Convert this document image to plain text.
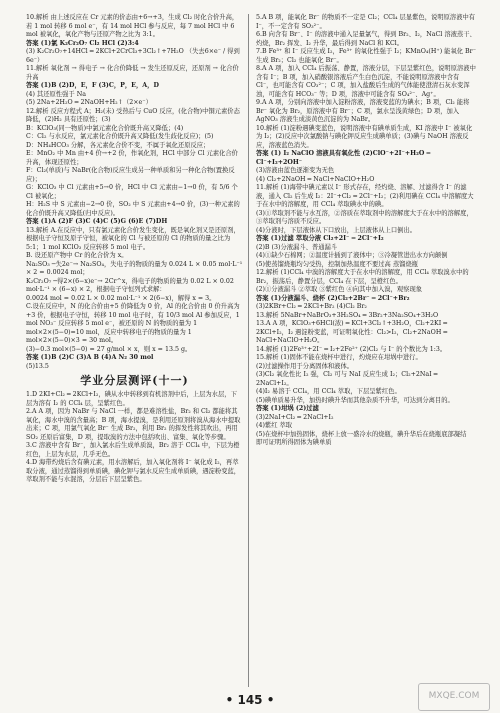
10.解析 由上述反应在 Cr 元素的价态由+6→+3，生成 Cl₂ 时化合价升高，若 1 mol 转移 6 mol e⁻，有 14 mol HCl 参与反应，每 7 mol HCl 中 6 mol 被氧化，氧化产物与还原产物之比为 3:1。
答案 (1)氯 K₂Cr₂O₇ Cl₂ HCl (2)3:4
(3) K₂Cr₂O₇+14HCl ═ 2KCl+2CrCl₃+3Cl₂↑+7H₂O （失去6×e⁻ / 得到6e⁻）
11.解析 氧化剂 → 得电子 → 化合价降低 → 发生还原反应，还原剂 → 化合价升高
答案 (1)B (2)D，E，F (3)C，P，E，A，D
(4) 其还原性强于 Na
(5) 2Na+2H₂O ═ 2NaOH+H₂↑（2×e⁻）
12.解析 反应方程式 A；H₂(未) 受热后与 CuO 反应，(化合物)中铜元素价态降低，(2)H₂ 具有还原性；(3)
B：KClO₃(同一物质)中氯元素化合价既升高又降低；(4)
C：Cl₂ 与水反应，氯元素化合价既升高又降低(发生歧化反应)；(5)
D：NH₄HCO₃ 分解，各元素化合价不变，不属于氧化还原反应；
E：MnO₂ 中 Mn 由+4 价→+2 价，作氧化剂，HCl 中部分 Cl 元素化合价升高，体现还原性；
F：Cl₂(单质)与 NaBr(化合物)反应生成另一种单质和另一种化合物(置换反应)；
G：KClO₃ 中 Cl 元素由+5→0 价，HCl 中 Cl 元素由−1→0 价，有 5/6 个 Cl 被氧化；
H：H₂S 中 S 元素由−2→0 价，SO₂ 中 S 元素由+4→0 价，(3)一种元素的化合价既升高又降低(归中反应)。
答案 (1)A (2)F (3)C (4)C (5)G (6)E (7)DH
13.解析 A.在反应中，只有氯元素化合价发生变化，既是氧化剂又是还原剂，根据电子守恒及原子守恒，被氧化的 Cl 与被还原的 Cl 的物质的量之比为 5:1；1 mol KClO₃ 反应转移 5 mol 电子。
B. 设还原产物中 Cr 的化合价为 x。
Na₂SO₃ ─失2e⁻→ Na₂SO₄，失电子的物质的量为 0.024 L × 0.05 mol·L⁻¹ × 2 = 0.0024 mol；
K₂Cr₂O₇ ─得2×(6−x)e⁻→ 2Cr^x，得电子的物质的量为 0.02 L × 0.02 mol·L⁻¹ × (6−x) × 2，根据电子守恒列式求解：
0.0024 mol = 0.02 L × 0.02 mol·L⁻¹ × 2(6−x)，解得 x = 3。
C.设在反应中，N 的化合价由+5 价降低为 0 价，Al 的化合价由 0 价升高为+3 价，根据电子守恒，转移 10 mol 电子时，有 10/3 mol Al 参加反应，1 mol NO₃⁻ 反应转移 5 mol e⁻，被还原的 N 的物质的量为 1 mol×2×(5−0)=10 mol，反应中转移电子的物质的量为 1 mol×2×(5−0)×3 = 30 mol。
(3)−0.3 mol×(5−0) = 27 g/mol × x，则 x = 13.5 g。
答案 (1)B (2)C (3)A B (4)A N₂ 30 mol
(5)13.5
学业分层测评(十一)
1.D 2KI+Cl₂ ═ 2KCl+I₂，碘从水中转移到有机溶剂中后，上层为水层，下层为溶有 I₂ 的 CCl₄ 层，呈紫红色。
2.A A 项，因为 NaBr 与 NaCl 一样，都是难溶性盐，Br₂ 和 Cl₂ 都能将其氧化，海水中溴的含量高；B 项，海水提溴，是利用还原剂将溴从海水中提取出来；C 项，用氯气氧化 Br⁻ 生成 Br₂，利用 Br₂ 的挥发性将其吹出，再用 SO₂ 还原后富集，D 项，提取溴的方法中包括吹出、富集、氧化等步骤。
3.C 溶液中含有 Br⁻，加入氯水后生成单质溴，Br₂ 溶于 CCl₄ 中，下层为橙红色，上层为水层，几乎无色。
4.D 海带灼烧后含有碘元素，用水溶解后，加入氧化剂将 I⁻ 氧化成 I₂，再萃取分液，通过蒸馏得到单质碘，碘化钾与氯水反应生成单质碘，遇淀粉变蓝，萃取剂不能与水混溶，分层后下层呈紫色。
5.A B 项，能氧化 Br⁻ 的物质不一定是 Cl₂；CCl₄ 层显紫色，说明原溶液中有 I⁻，不一定含有 SO₃²⁻。
6.B 向含有 Br⁻、I⁻ 的溶液中通入足量氯气，得到 Br₂、I₂，NaCl 溶液蒸干、灼烧，Br₂ 挥发、I₂ 升华，最后得到 NaCl 和 KCl。
7.B Fe³⁺ 和 I⁻ 反应生成 I₂，Fe³⁺ 的氧化性强于 I₂；KMnO₄(H⁺) 能氧化 Br⁻ 生成 Br₂；Cl₂ 也能氧化 Br⁻。
8.A A 项，加入 CCl₄ 后振荡、静置，溶液分层，下层呈紫红色，说明原溶液中含有 I⁻；B 项，加入硝酸银溶液后产生白色沉淀，不能说明原溶液中含有 Cl⁻，也可能含有 CO₃²⁻；C 项，加入盐酸后生成的气体能使澄清石灰水变浑浊，可能含有 HCO₃⁻ 等；D 项，溶液中可能含有 SO₄²⁻、Ag⁺。
9.A A 项，分别向溶液中加入淀粉溶液，溶液变蓝的为碘水；B 项，Cl₂ 能将 Br⁻ 氧化为 Br₂，原溶液中有 Br⁻；C 项，氯水呈浅黄绿色；D 项，加入 AgNO₃ 溶液生成淡黄色沉淀的为 NaBr。
10.解析 (1)淀粉遇碘变蓝色，说明溶液中有碘单质生成，KI 溶液中 I⁻ 被氧化为 I₂；(2)反应中次氯酸钠与碘化钾反应生成碘单质；(3)碘与 NaOH 溶液反应，溶液蓝色消失。
答案 (1) I₂ NaClO 溶液具有氧化性 (2)ClO⁻+2I⁻+H₂O ═ Cl⁻+I₂+2OH⁻
(3)溶液由蓝色逐渐变为无色
(4) Cl₂+2NaOH ═ NaCl+NaClO+H₂O
11.解析 (1)海带中碘元素以 I⁻ 形式存在，经灼烧、溶解、过滤得含 I⁻ 的滤液，通入 Cl₂ 后生成 I₂：2I⁻+Cl₂ ═ 2Cl⁻+I₂；(2)利用碘在 CCl₄ 中溶解度大于在水中的溶解度，用 CCl₄ 萃取碘水中的碘。
(3)①萃取剂不能与水互溶，②溶质在萃取剂中的溶解度大于在水中的溶解度，③萃取剂与溶质不反应。
(4)分液时，下层液体从下口放出，上层液体从上口倒出。
答案 (1)过滤 萃取分液 Cl₂+2I⁻ ═ 2Cl⁻+I₂
(2)B (3)分液漏斗、普通漏斗
(4)①缺少石棉网；②温度计插到了液体中；③冷凝管进出水方向颠倒
(5)使蒸馏烧瓶均匀受热，控制加热温度不要过高 蒸馏烧瓶
12.解析 (1)CCl₄ 中溴的溶解度大于在水中的溶解度，用 CCl₄ 萃取溴水中的 Br₂，振荡后，静置分层，CCl₄ 在下层，呈橙红色。
(2)①分液漏斗 ②萃取 ③紫红色 ④向其中加入溴，观察现象
答案 (1)分液漏斗、烧杯 (2)Cl₂+2Br⁻ ═ 2Cl⁻+Br₂
(3)2KBr+Cl₂ ═ 2KCl+Br₂ (4)Cl₂ Br₂
13.解析 5NaBr+NaBrO₃+3H₂SO₄ ═ 3Br₂+3Na₂SO₄+3H₂O
13.A A 项，KClO₃+6HCl(浓) ═ KCl+3Cl₂↑+3H₂O，Cl₂+2KI ═ 2KCl+I₂，I₂ 遇淀粉变蓝，可证明氧化性：Cl₂>I₂，Cl₂+2NaOH ═ NaCl+NaClO+H₂O。
14.解析 (1)2Fe³⁺+2I⁻ ═ I₂+2Fe²⁺ (2)Cl₂ 与 I⁻ 的个数比为 1:3。
15.解析 (1)固体不能在烧杯中进行，灼烧应在坩埚中进行。
(2)过滤操作用于分离固体和液体。
(3)Cl₂ 氧化性比 I₂ 强，Cl₂ 可与 NaI 反应生成 I₂；Cl₂+2NaI ═ 2NaCl+I₂。
(4)I₂ 易溶于 CCl₄，用 CCl₄ 萃取，下层呈紫红色。
(5)碘单质易升华，加热时碘升华而其他杂质不升华，可达到分离目的。
答案 (1)坩埚 (2)过滤
(3)2NaI+Cl₂ ═ 2NaCl+I₂
(4)紫红 萃取
(5)在烧杯中加热固体，烧杯上放一盛冷水的烧瓶，碘升华后在烧瓶底部凝结
即可证明所得固体为碘单质
• 145 •	MXQE.COM
